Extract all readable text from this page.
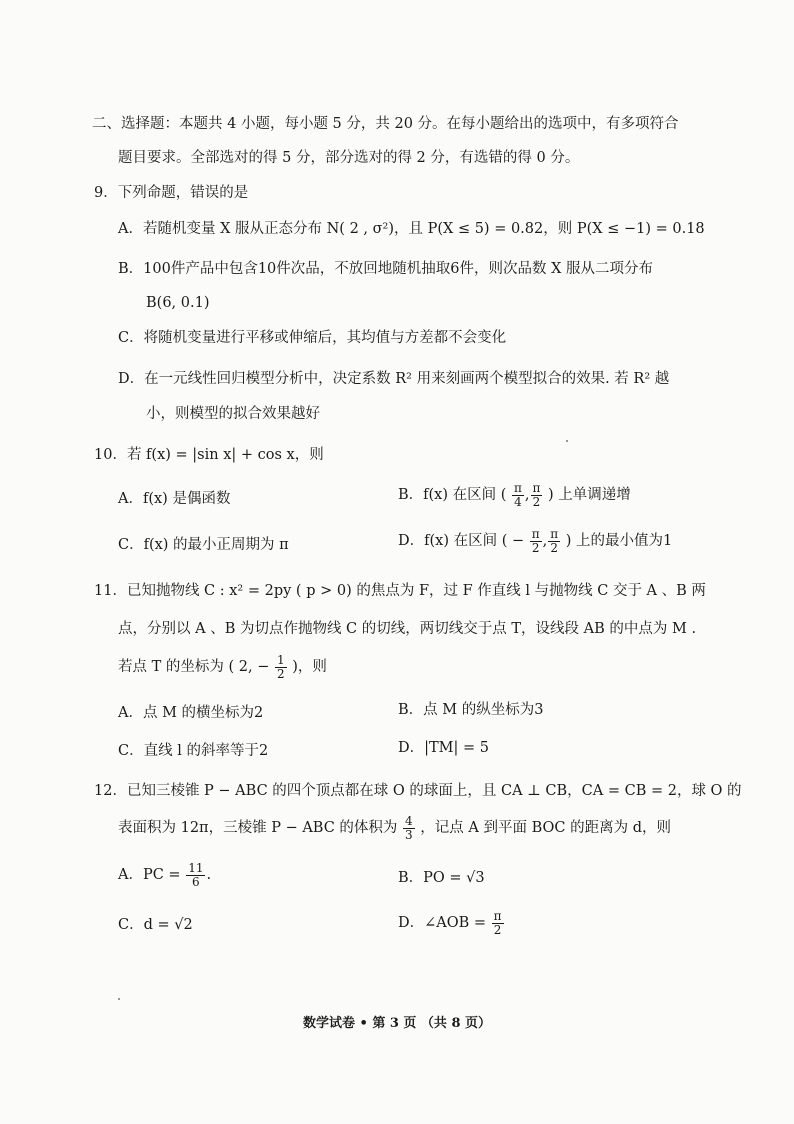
二、选择题：本题共 4 小题，每小题 5 分，共 20 分。在每小题给出的选项中，有多项符合
题目要求。全部选对的得 5 分，部分选对的得 2 分，有选错的得 0 分。
9．下列命题，错误的是
A．若随机变量 X 服从正态分布 N( 2 , σ²)，且 P(X ≤ 5) = 0.82，则 P(X ≤ −1) = 0.18
B．100件产品中包含10件次品，不放回地随机抽取6件，则次品数 X 服从二项分布
B(6, 0.1)
C．将随机变量进行平移或伸缩后，其均值与方差都不会变化
D．在一元线性回归模型分析中，决定系数 R² 用来刻画两个模型拟合的效果. 若 R² 越
小，则模型的拟合效果越好
10．若 f(x) = |sin x| + cos x，则
A．f(x) 是偶函数	B．f(x) 在区间 ( $\frac{\pi}{4}$ , $\frac{\pi}{2}$ ) 上单调递增
C．f(x) 的最小正周期为 π	D．f(x) 在区间 ( − $\frac{\pi}{2}$ , $\frac{\pi}{2}$ ) 上的最小值为1
11．已知抛物线 C : x² = 2py ( p > 0) 的焦点为 F，过 F 作直线 l 与抛物线 C 交于 A 、B 两
点，分别以 A 、B 为切点作抛物线 C 的切线，两切线交于点 T，设线段 AB 的中点为 M .
若点 T 的坐标为 ( 2, − $\frac{1}{2}$ )，则
A．点 M 的横坐标为2	B．点 M 的纵坐标为3
C．直线 l 的斜率等于2	D．|TM| = 5
12．已知三棱锥 P − ABC 的四个顶点都在球 O 的球面上，且 CA ⊥ CB，CA = CB = 2，球 O 的
表面积为 12π，三棱锥 P − ABC 的体积为 $\frac{4}{3}$ ，记点 A 到平面 BOC 的距离为 d，则
A．PC = $\frac{11}{6}$ .	B．PO = √3
C．d = √2	D．∠AOB = $\frac{\pi}{2}$
数学试卷 • 第 3 页 （共 8 页）
